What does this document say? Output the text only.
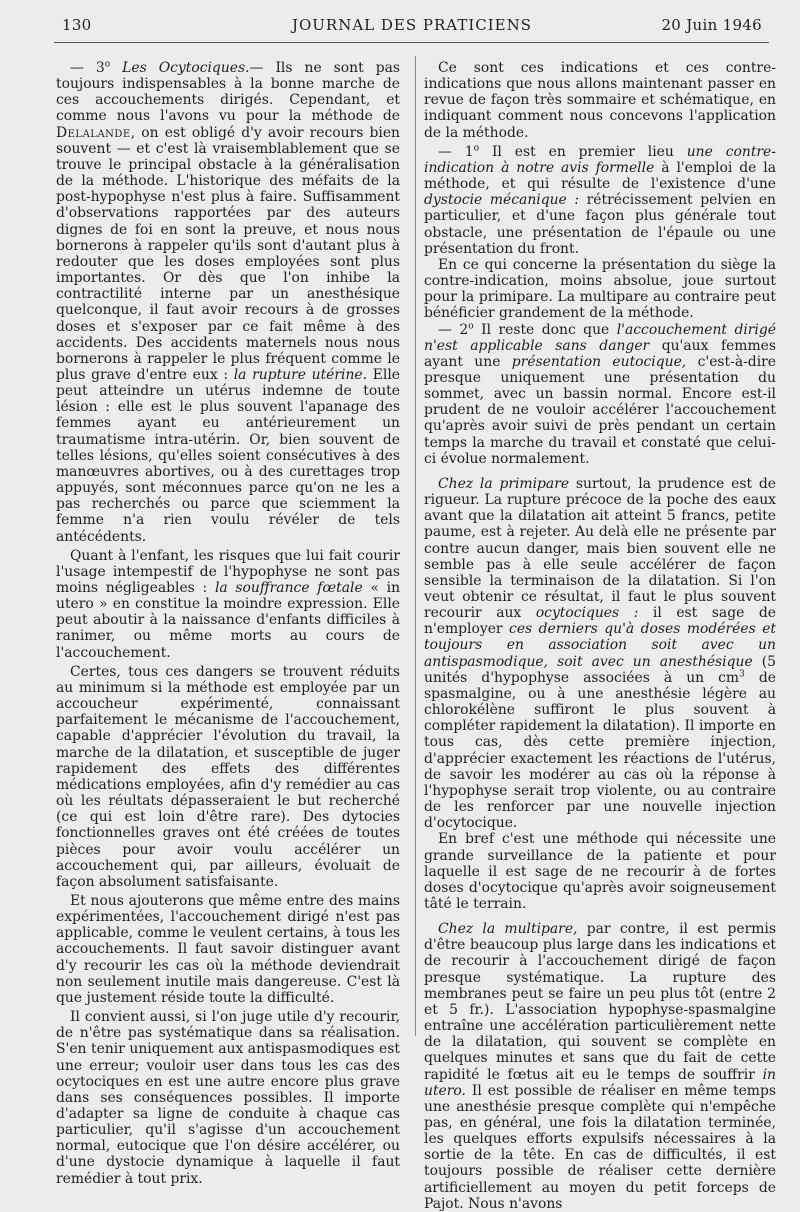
130	JOURNAL DES PRATICIENS	20 Juin 1946

— 3$^o$ Les Ocytociques.— Ils ne sont pas toujours indispensables à la bonne marche de ces accouchements dirigés. Cependant, et comme nous l'avons vu pour la méthode de Delalande, on est obligé d'y avoir recours bien souvent — et c'est là vraisemblablement que se trouve le principal obstacle à la généralisation de la méthode. L'historique des méfaits de la post-hypophyse n'est plus à faire. Suffisamment d'observations rapportées par des auteurs dignes de foi en sont la preuve, et nous nous bornerons à rappeler qu'ils sont d'autant plus à redouter que les doses employées sont plus importantes. Or dès que l'on inhibe la contractilité interne par un anesthésique quelconque, il faut avoir recours à de grosses doses et s'exposer par ce fait même à des accidents. Des accidents maternels nous nous bornerons à rappeler le plus fréquent comme le plus grave d'entre eux : la rupture utérine. Elle peut atteindre un utérus indemne de toute lésion : elle est le plus souvent l'apanage des femmes ayant eu antérieurement un traumatisme intra-utérin. Or, bien souvent de telles lésions, qu'elles soient consécutives à des manœuvres abortives, ou à des curettages trop appuyés, sont méconnues parce qu'on ne les a pas recherchés ou parce que sciemment la femme n'a rien voulu révéler de tels antécédents.

Quant à l'enfant, les risques que lui fait courir l'usage intempestif de l'hypophyse ne sont pas moins négligeables : la souffrance fœtale « in utero » en constitue la moindre expression. Elle peut aboutir à la naissance d'enfants difficiles à ranimer, ou même morts au cours de l'accouchement.

Certes, tous ces dangers se trouvent réduits au minimum si la méthode est employée par un accoucheur expérimenté, connaissant parfaitement le mécanisme de l'accouchement, capable d'apprécier l'évolution du travail, la marche de la dilatation, et susceptible de juger rapidement des effets des différentes médications employées, afin d'y remédier au cas où les réultats dépasseraient le but recherché (ce qui est loin d'être rare). Des dytocies fonctionnelles graves ont été créées de toutes pièces pour avoir voulu accélérer un accouchement qui, par ailleurs, évoluait de façon absolument satisfaisante.

Et nous ajouterons que même entre des mains expérimentées, l'accouchement dirigé n'est pas applicable, comme le veulent certains, à tous les accouchements. Il faut savoir distinguer avant d'y recourir les cas où la méthode deviendrait non seulement inutile mais dangereuse. C'est là que justement réside toute la difficulté.

Il convient aussi, si l'on juge utile d'y recourir, de n'être pas systématique dans sa réalisation. S'en tenir uniquement aux antispasmodiques est une erreur; vouloir user dans tous les cas des ocytociques en est une autre encore plus grave dans ses conséquences possibles. Il importe d'adapter sa ligne de conduite à chaque cas particulier, qu'il s'agisse d'un accouchement normal, eutocique que l'on désire accélérer, ou d'une dystocie dynamique à laquelle il faut remédier à tout prix.

Ce sont ces indications et ces contre-indications que nous allons maintenant passer en revue de façon très sommaire et schématique, en indiquant comment nous concevons l'application de la méthode.

— 1$^o$ Il est en premier lieu une contre-indication à notre avis formelle à l'emploi de la méthode, et qui résulte de l'existence d'une dystocie mécanique : rétrécissement pelvien en particulier, et d'une façon plus générale tout obstacle, une présentation de l'épaule ou une présentation du front.

En ce qui concerne la présentation du siège la contre-indication, moins absolue, joue surtout pour la primipare. La multipare au contraire peut bénéficier grandement de la méthode.

— 2$^o$ Il reste donc que l'accouchement dirigé n'est applicable sans danger qu'aux femmes ayant une présentation eutocique, c'est-à-dire presque uniquement une présentation du sommet, avec un bassin normal. Encore est-il prudent de ne vouloir accélérer l'accouchement qu'après avoir suivi de près pendant un certain temps la marche du travail et constaté que celui-ci évolue normalement.

Chez la primipare surtout, la prudence est de rigueur. La rupture précoce de la poche des eaux avant que la dilatation ait atteint 5 francs, petite paume, est à rejeter. Au delà elle ne présente par contre aucun danger, mais bien souvent elle ne semble pas à elle seule accélérer de façon sensible la terminaison de la dilatation. Si l'on veut obtenir ce résultat, il faut le plus souvent recourir aux ocytociques : il est sage de n'employer ces derniers qu'à doses modérées et toujours en association soit avec un antispasmodique, soit avec un anesthésique (5 unités d'hypophyse associées à un $cm^3$ de spasmalgine, ou à une anesthésie légère au chlorokélène suffiront le plus souvent à compléter rapidement la dilatation). Il importe en tous cas, dès cette première injection, d'apprécier exactement les réactions de l'utérus, de savoir les modérer au cas où la réponse à l'hypophyse serait trop violente, ou au contraire de les renforcer par une nouvelle injection d'ocytocique.

En bref c'est une méthode qui nécessite une grande surveillance de la patiente et pour laquelle il est sage de ne recourir à de fortes doses d'ocytocique qu'après avoir soigneusement tâté le terrain.

Chez la multipare, par contre, il est permis d'être beaucoup plus large dans les indications et de recourir à l'accouchement dirigé de façon presque systématique. La rupture des membranes peut se faire un peu plus tôt (entre 2 et 5 fr.). L'association hypophyse-spasmalgine entraîne une accélération particulièrement nette de la dilatation, qui souvent se complète en quelques minutes et sans que du fait de cette rapidité le fœtus ait eu le temps de souffrir in utero. Il est possible de réaliser en même temps une anesthésie presque complète qui n'empêche pas, en général, une fois la dilatation terminée, les quelques efforts expulsifs nécessaires à la sortie de la tête. En cas de difficultés, il est toujours possible de réaliser cette dernière artificiellement au moyen du petit forceps de Pajot. Nous n'avons
